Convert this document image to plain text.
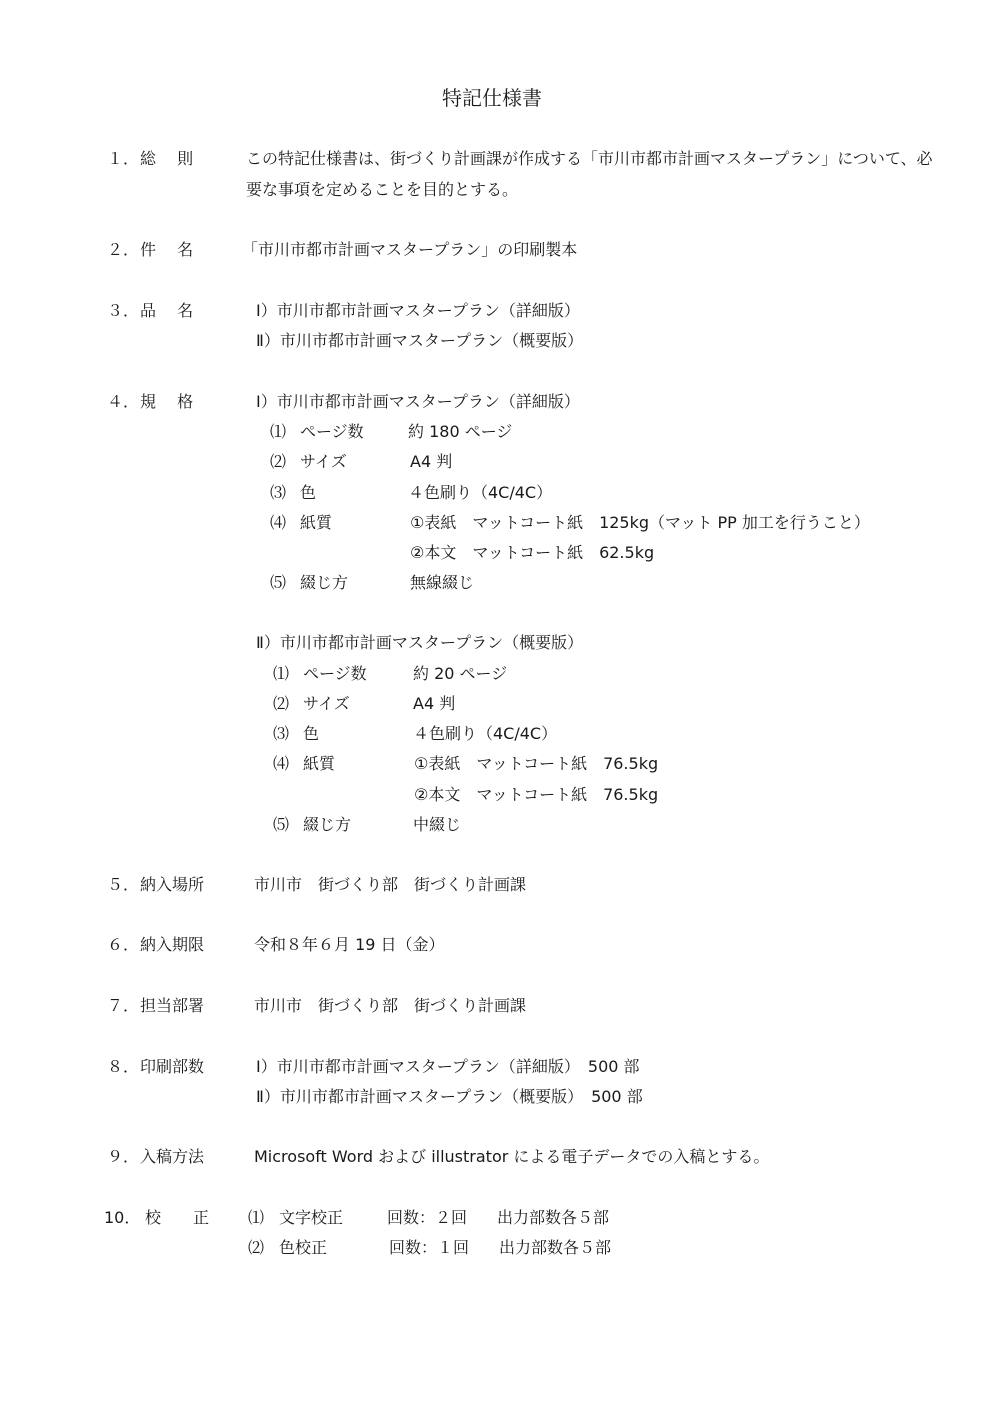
特記仕様書
１． 総　 則	この特記仕様書は、街づくり計画課が作成する「市川市都市計画マスタープラン」について、必
要な事項を定めることを目的とする。
２． 件　 名	「市川市都市計画マスタープラン」の印刷製本
３． 品　 名	Ⅰ）市川市都市計画マスタープラン（詳細版）
Ⅱ）市川市都市計画マスタープラン（概要版）
４． 規　 格	Ⅰ）市川市都市計画マスタープラン（詳細版）
⑴ ページ数	約 180 ページ
⑵ サイズ	A4 判
⑶ 色	４色刷り（4C/4C）
⑷ 紙質	①表紙　マットコート紙　125kg（マット PP 加工を行うこと）
②本文　マットコート紙　62.5kg
⑸ 綴じ方	無線綴じ
Ⅱ）市川市都市計画マスタープラン（概要版）
⑴ ページ数	約 20 ページ
⑵ サイズ	A4 判
⑶ 色	４色刷り（4C/4C）
⑷ 紙質	①表紙　マットコート紙　76.5kg
②本文　マットコート紙　76.5kg
⑸ 綴じ方	中綴じ
５． 納入場所	市川市　街づくり部　街づくり計画課
６． 納入期限	令和８年６月 19 日（金）
７． 担当部署	市川市　街づくり部　街づくり計画課
８． 印刷部数	Ⅰ）市川市都市計画マスタープラン（詳細版）　500 部
Ⅱ）市川市都市計画マスタープラン（概要版）　500 部
９． 入稿方法	Microsoft Word および illustrator による電子データでの入稿とする。
10． 校　　正 ⑴ 文字校正	回数：２回 出力部数各５部
⑵ 色校正	回数：１回 出力部数各５部
